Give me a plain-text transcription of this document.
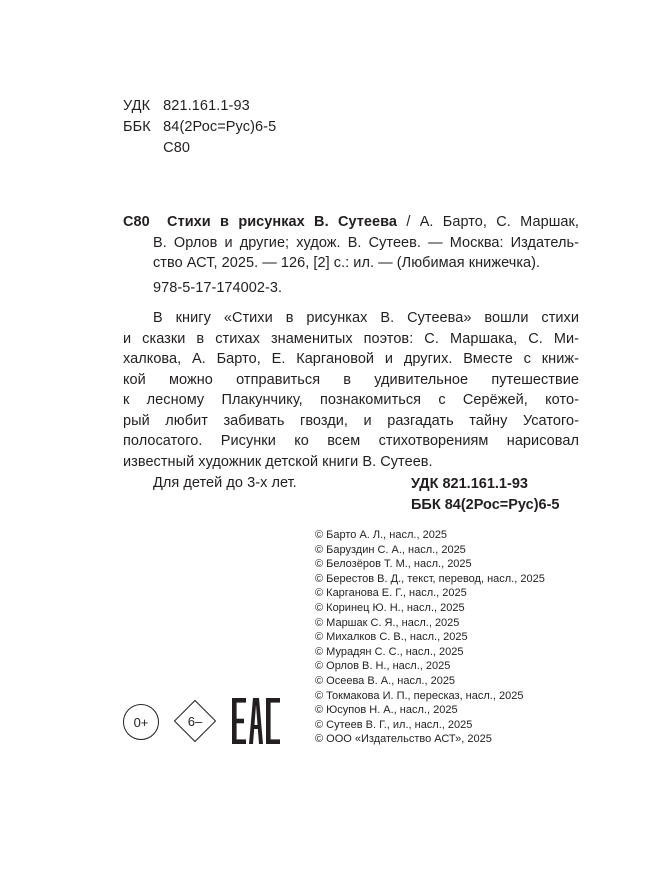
УДК 821.161.1-93
ББК 84(2Рос=Рус)6-5
С80
С80 Стихи в рисунках В. Сутеева / А. Барто, С. Маршак,
В. Орлов и другие; худож. В. Сутеев. — Москва: Издатель-
ство АСТ, 2025. — 126, [2] с.: ил. — (Любимая книжечка).
978-5-17-174002-3.
В книгу «Стихи в рисунках В. Сутеева» вошли стихи
и сказки в стихах знаменитых поэтов: С. Маршака, С. Ми-
халкова, А. Барто, Е. Каргановой и других. Вместе с книж-
кой можно отправиться в удивительное путешествие
к лесному Плакунчику, познакомиться с Серёжей, кото-
рый любит забивать гвозди, и разгадать тайну Усатого-
полосатого. Рисунки ко всем стихотворениям нарисовал
известный художник детской книги В. Сутеев.
Для детей до 3-х лет.	УДК 821.161.1-93
ББК 84(2Рос=Рус)6-5
© Барто А. Л., насл., 2025
© Баруздин С. А., насл., 2025
© Белозёров Т. М., насл., 2025
© Берестов В. Д., текст, перевод, насл., 2025
© Карганова Е. Г., насл., 2025
© Коринец Ю. Н., насл., 2025
© Маршак С. Я., насл., 2025
© Михалков С. В., насл., 2025
© Мурадян С. С., насл., 2025
© Орлов В. Н., насл., 2025
© Осеева В. А., насл., 2025
© Токмакова И. П., пересказ, насл., 2025
© Юсупов Н. А., насл., 2025
© Сутеев В. Г., ил., насл., 2025
© ООО «Издательство АСТ», 2025
0+	6–
